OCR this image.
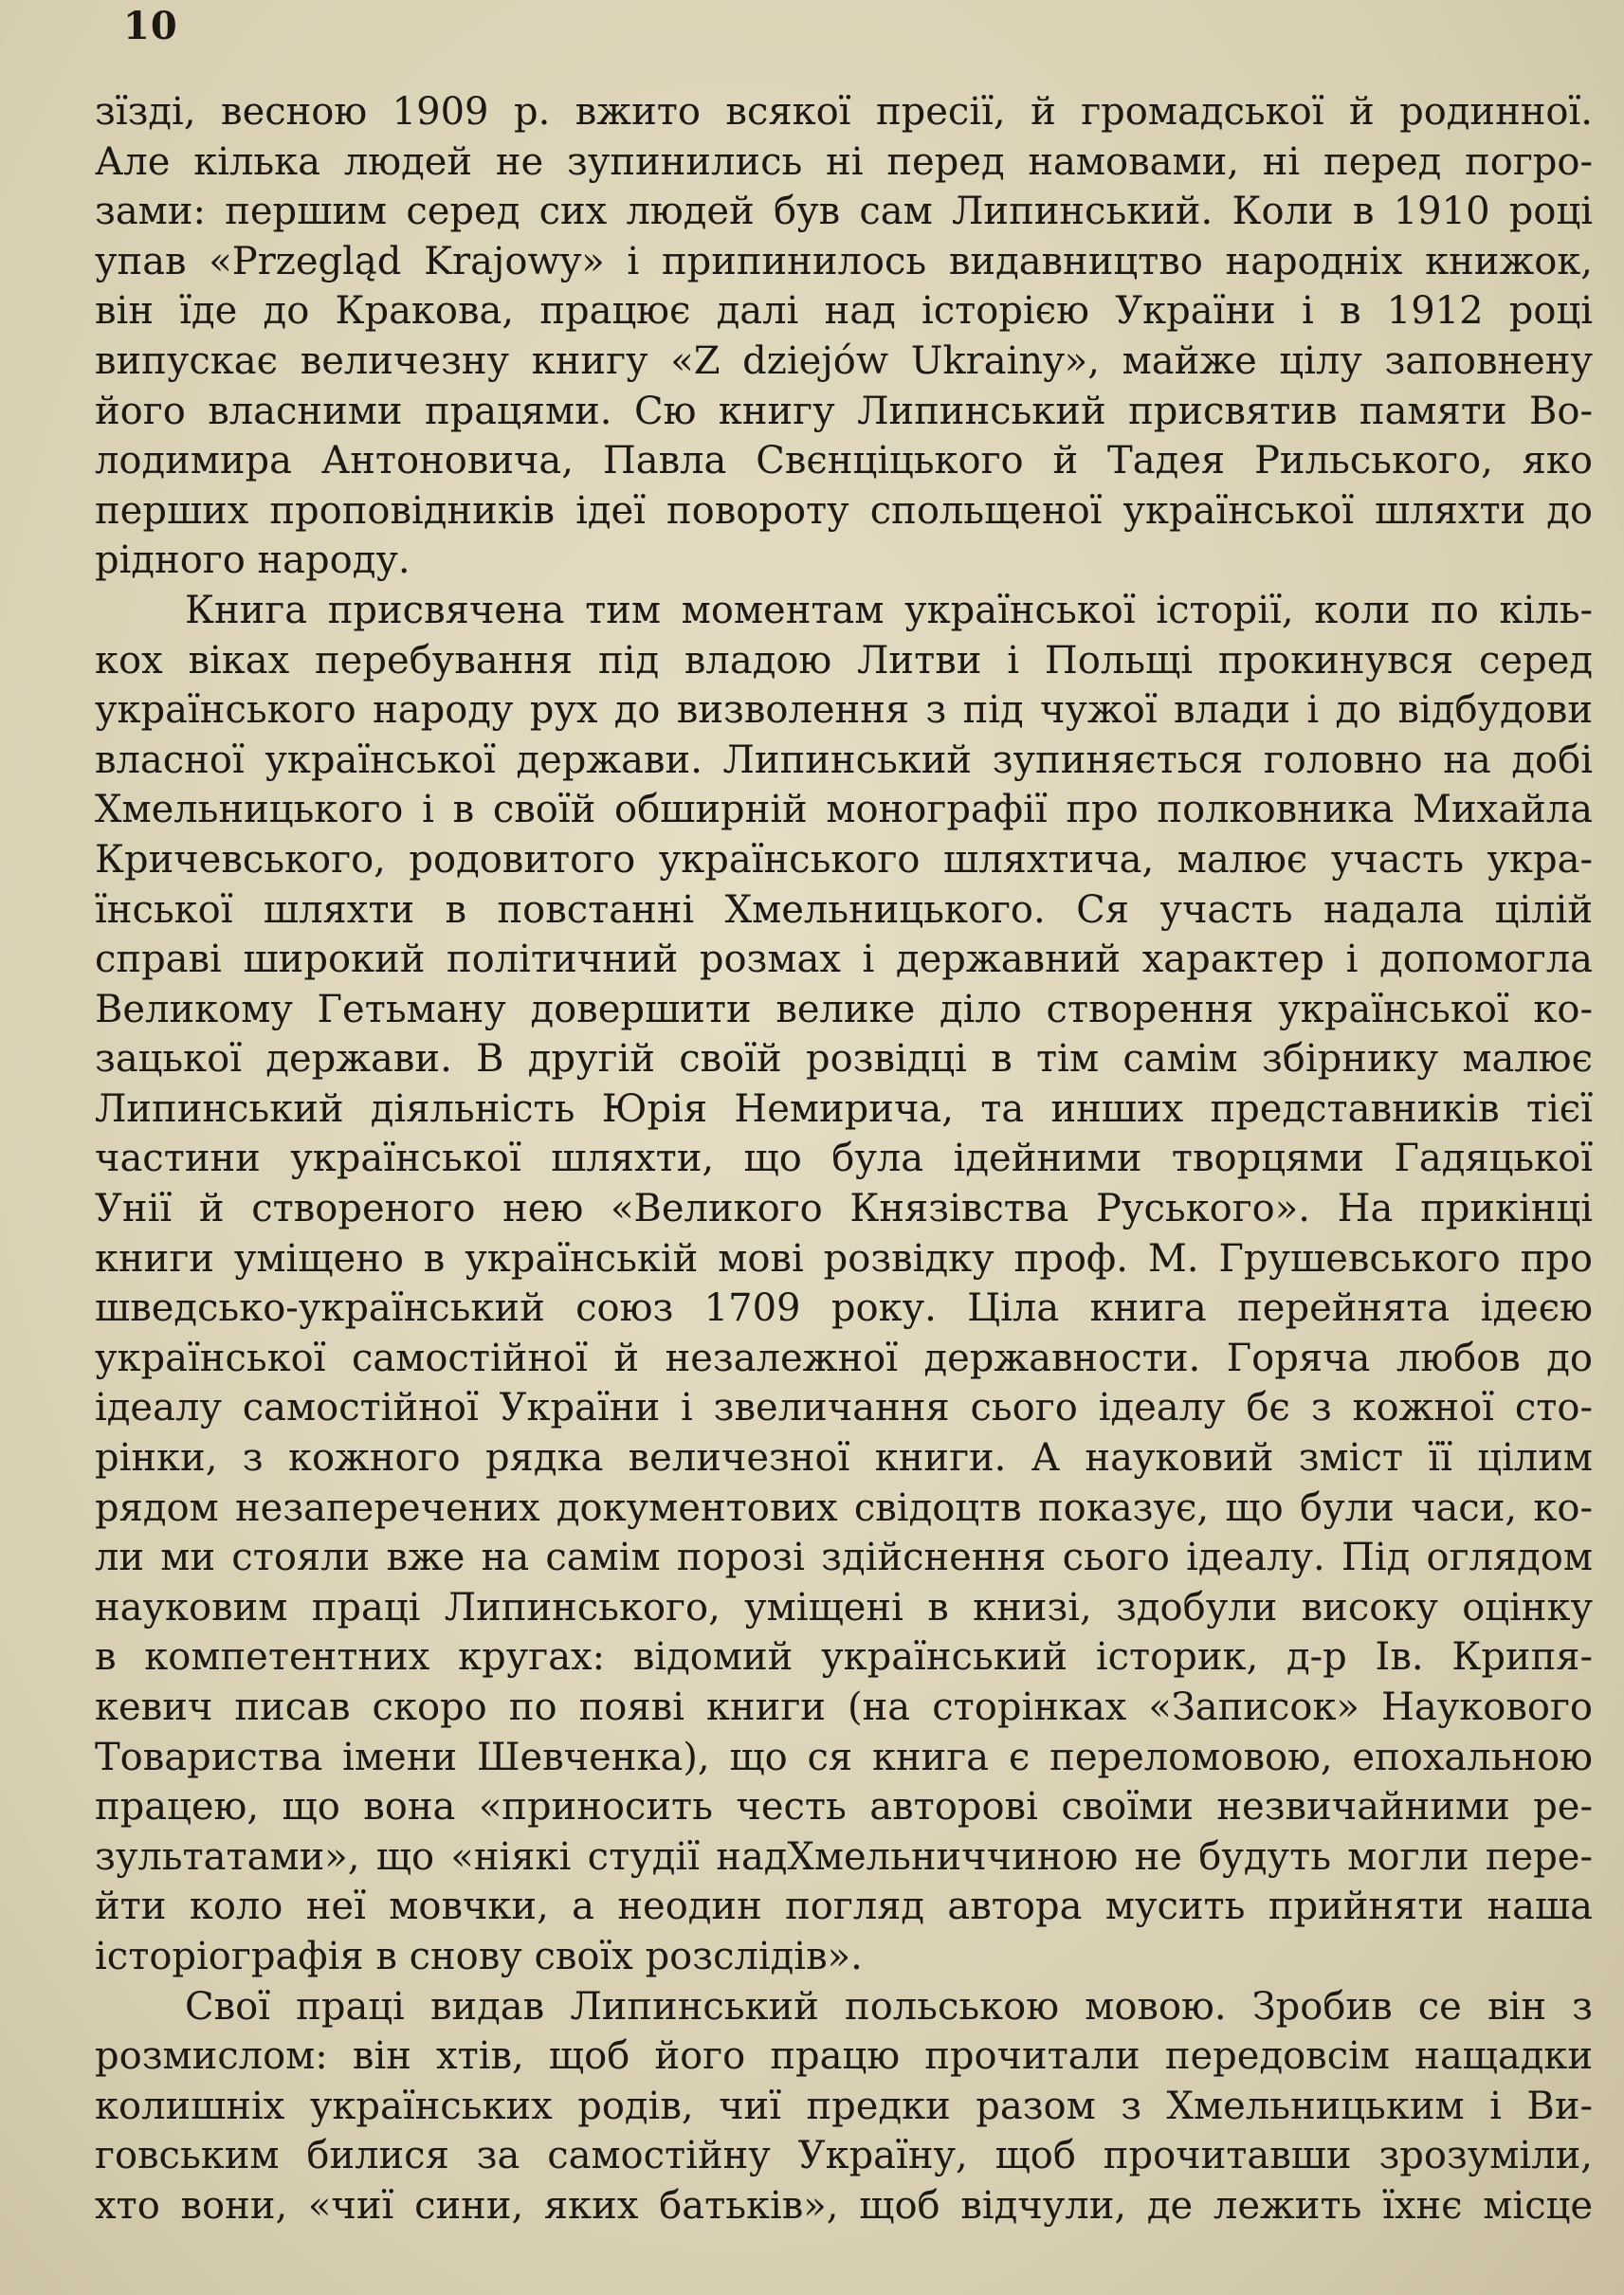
10
зїзді, весною 1909 р. вжито всякої пресії, й громадської й родинної.
Але кілька людей не зупинились ні перед намовами, ні перед погро-
зами: першим серед сих людей був сам Липинський. Коли в 1910 році
упав «Przegląd Krajowy» і припинилось видавництво народніх книжок,
він їде до Кракова, працює далі над історією України і в 1912 році
випускає величезну книгу «Z dziejów Ukrainy», майже цілу заповнену
його власними працями. Сю книгу Липинський присвятив памяти Во-
лодимира Антоновича, Павла Свєнціцького й Тадея Рильського, яко
перших проповідників ідеї повороту спольщеної української шляхти до
рідного народу.
Книга присвячена тим моментам української історії, коли по кіль-
кох віках перебування під владою Литви і Польщі прокинувся серед
українського народу рух до визволення з під чужої влади і до відбудови
власної української держави. Липинський зупиняється головно на добі
Хмельницького і в своїй обширній монографії про полковника Михайла
Кричевського, родовитого українського шляхтича, малює участь укра-
їнської шляхти в повстанні Хмельницького. Ся участь надала цілій
справі широкий політичний розмах і державний характер і допомогла
Великому Гетьману довершити велике діло створення української ко-
зацької держави. В другій своїй розвідці в тім самім збірнику малює
Липинський діяльність Юрія Немирича, та инших представників тієї
частини української шляхти, що була ідейними творцями Гадяцької
Унії й створеного нею «Великого Князівства Руського». На прикінці
книги уміщено в українській мові розвідку проф. М. Грушевського про
шведсько-український союз 1709 року. Ціла книга перейнята ідеєю
української самостійної й незалежної державности. Горяча любов до
ідеалу самостійної України і звеличання сього ідеалу бє з кожної сто-
рінки, з кожного рядка величезної книги. А науковий зміст її цілим
рядом незаперечених документових свідоцтв показує, що були часи, ко-
ли ми стояли вже на самім порозі здійснення сього ідеалу. Під оглядом
науковим праці Липинського, уміщені в книзі, здобули високу оцінку
в компетентних кругах: відомий український історик, д-р Ів. Крипя-
кевич писав скоро по появі книги (на сторінках «Записок» Наукового
Товариства імени Шевченка), що ся книга є переломовою, епохальною
працею, що вона «приносить честь авторові своїми незвичайними ре-
зультатами», що «ніякі студії надХмельниччиною не будуть могли пере-
йти коло неї мовчки, а неодин погляд автора мусить прийняти наша
історіографія в снову своїх розслідів».
Свої праці видав Липинський польською мовою. Зробив се він з
розмислом: він хтів, щоб його працю прочитали передовсім нащадки
колишніх українських родів, чиї предки разом з Хмельницьким і Ви-
говським билися за самостійну Україну, щоб прочитавши зрозуміли,
хто вони, «чиї сини, яких батьків», щоб відчули, де лежить їхнє місце
